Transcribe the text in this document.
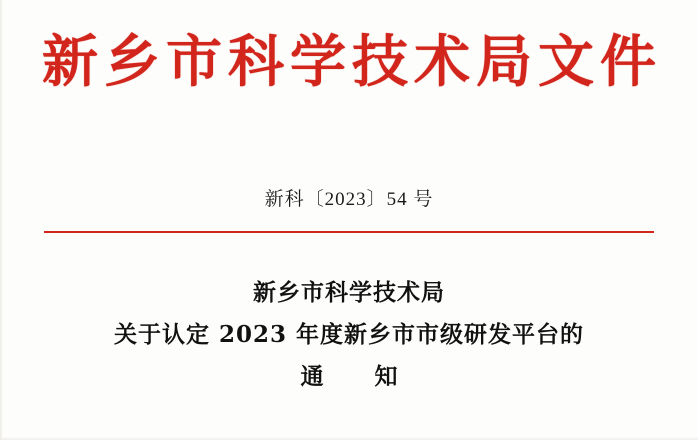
新乡市科学技术局文件
新科〔2023〕54 号
新乡市科学技术局
关于认定 2023 年度新乡市市级研发平台的
通　知
